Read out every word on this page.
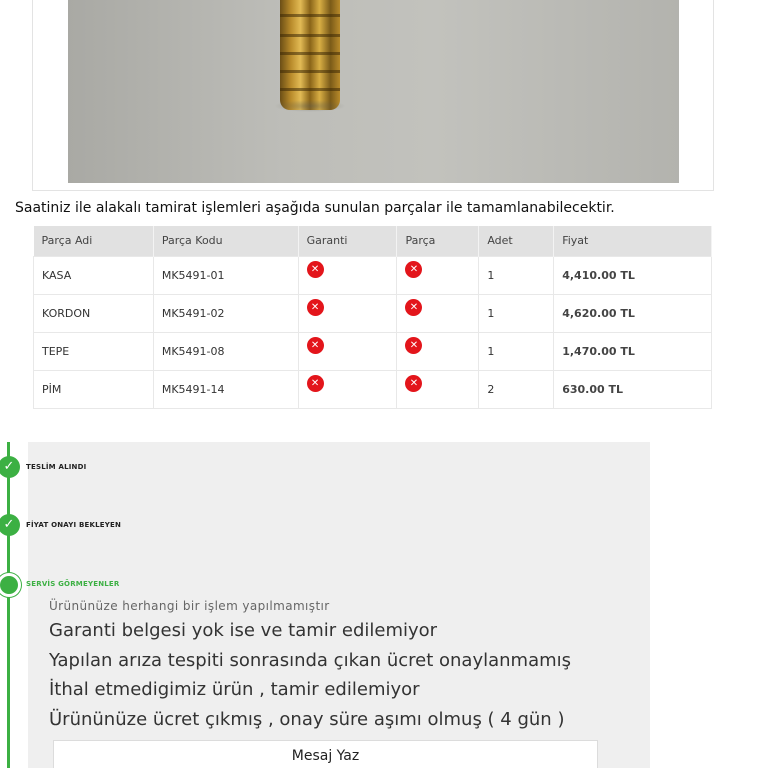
Saatiniz ile alakalı tamirat işlemleri aşağıda sunulan parçalar ile tamamlanabilecektir.
Parça Adi	Parça Kodu	Garanti	Parça	Adet	Fiyat
KASA	MK5491-01	✕	✕	1	4,410.00 TL
KORDON	MK5491-02	✕	✕	1	4,620.00 TL
TEPE	MK5491-08	✕	✕	1	1,470.00 TL
PİM	MK5491-14	✕	✕	2	630.00 TL
✓	TESLİM ALINDI
✓	FİYAT ONAYI BEKLEYEN
SERVİS GÖRMEYENLER
Ürününüze herhangi bir işlem yapılmamıştır
Garanti belgesi yok ise ve tamir edilemiyor
Yapılan arıza tespiti sonrasında çıkan ücret onaylanmamış
İthal etmedigimiz ürün , tamir edilemiyor
Ürününüze ücret çıkmış , onay süre aşımı olmuş ( 4 gün )
Mesaj Yaz
